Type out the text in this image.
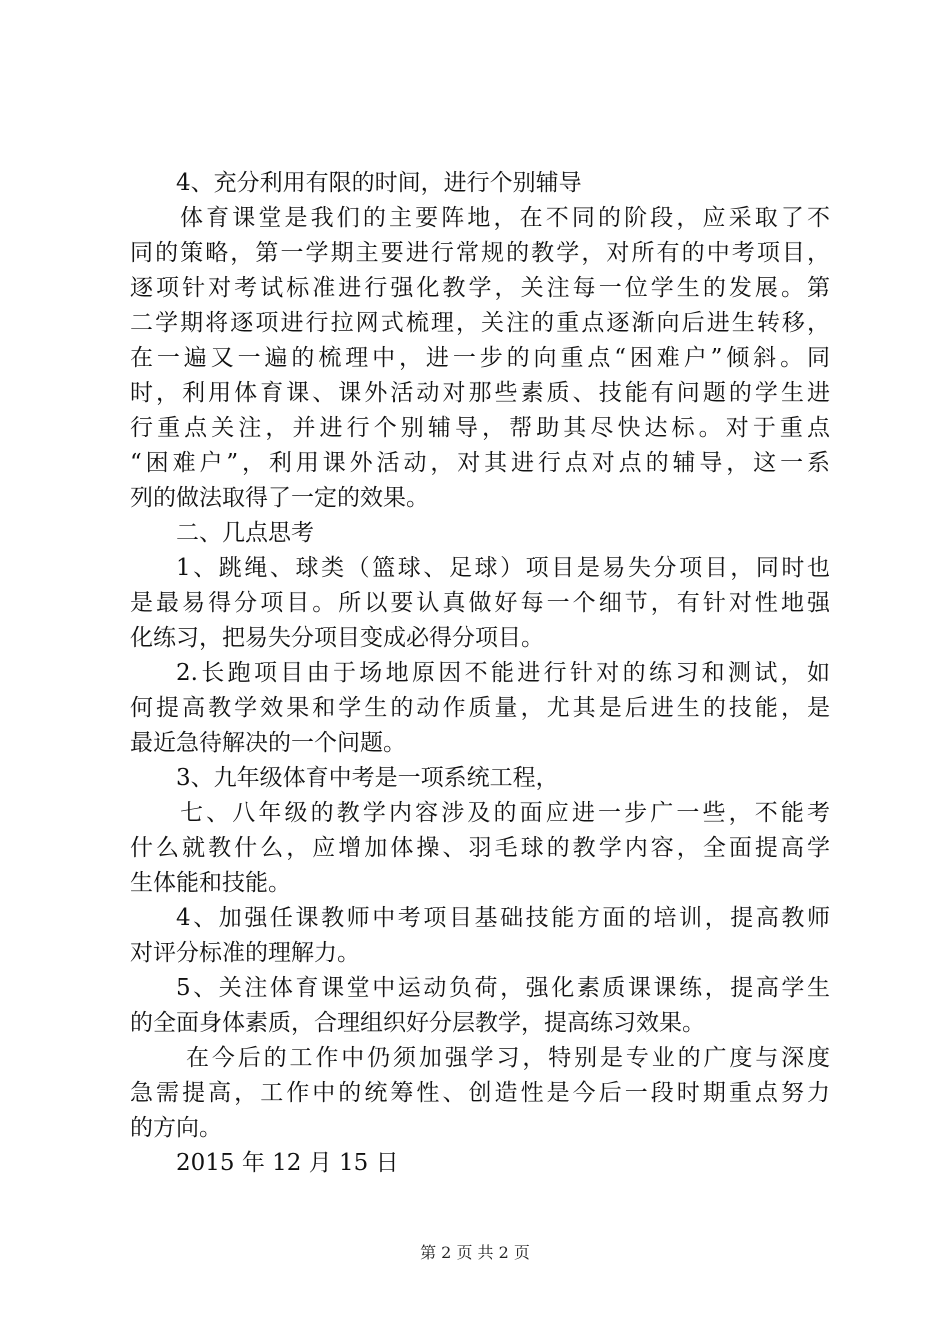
4、充分利用有限的时间，进行个别辅导
体育课堂是我们的主要阵地，在不同的阶段，应采取了不
同的策略，第一学期主要进行常规的教学，对所有的中考项目，
逐项针对考试标准进行强化教学，关注每一位学生的发展。第
二学期将逐项进行拉网式梳理，关注的重点逐渐向后进生转移，
在一遍又一遍的梳理中，进一步的向重点“困难户”倾斜。同
时，利用体育课、课外活动对那些素质、技能有问题的学生进
行重点关注，并进行个别辅导，帮助其尽快达标。对于重点
“困难户”，利用课外活动，对其进行点对点的辅导，这一系
列的做法取得了一定的效果。
二、几点思考
1、跳绳、球类（篮球、足球）项目是易失分项目，同时也
是最易得分项目。所以要认真做好每一个细节，有针对性地强
化练习，把易失分项目变成必得分项目。
2.长跑项目由于场地原因不能进行针对的练习和测试，如
何提高教学效果和学生的动作质量，尤其是后进生的技能，是
最近急待解决的一个问题。
3、九年级体育中考是一项系统工程，
七、八年级的教学内容涉及的面应进一步广一些，不能考
什么就教什么，应增加体操、羽毛球的教学内容，全面提高学
生体能和技能。
4、加强任课教师中考项目基础技能方面的培训，提高教师
对评分标准的理解力。
5、关注体育课堂中运动负荷，强化素质课课练，提高学生
的全面身体素质，合理组织好分层教学，提高练习效果。
在今后的工作中仍须加强学习，特别是专业的广度与深度
急需提高，工作中的统筹性、创造性是今后一段时期重点努力
的方向。
2015 年 12 月 15 日
第 2 页 共 2 页
